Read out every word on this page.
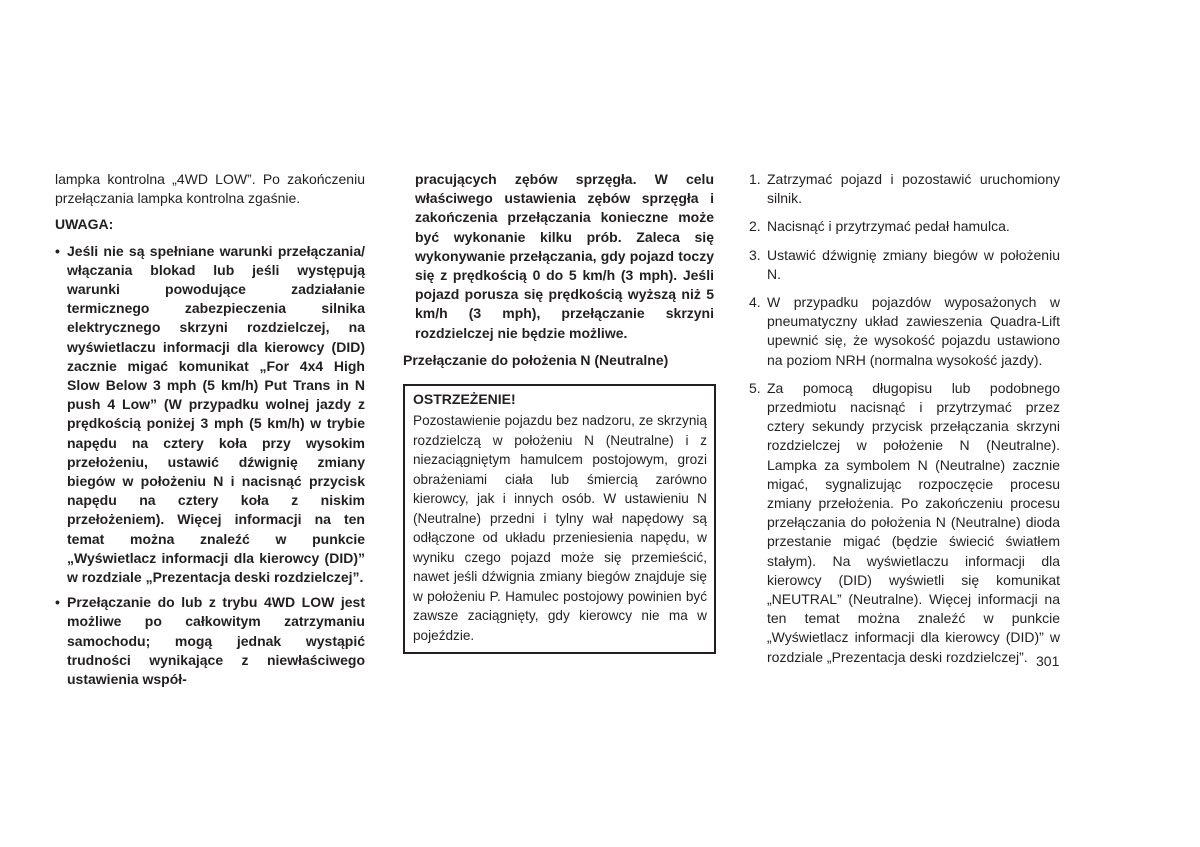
lampka kontrolna „4WD LOW”. Po zakończeniu przełączania lampka kontrolna zgaśnie.

UWAGA:

• Jeśli nie są spełniane warunki przełączania/ włączania blokad lub jeśli występują warunki powodujące zadziałanie termicznego zabezpieczenia silnika elektrycznego skrzyni rozdzielczej, na wyświetlaczu informacji dla kierowcy (DID) zacznie migać komunikat „For 4x4 High Slow Below 3 mph (5 km/h) Put Trans in N push 4 Low” (W przypadku wolnej jazdy z prędkością poniżej 3 mph (5 km/h) w trybie napędu na cztery koła przy wysokim przełożeniu, ustawić dźwignię zmiany biegów w położeniu N i nacisnąć przycisk napędu na cztery koła z niskim przełożeniem). Więcej informacji na ten temat można znaleźć w punkcie „Wyświetlacz informacji dla kierowcy (DID)” w rozdziale „Prezentacja deski rozdzielczej”.
• Przełączanie do lub z trybu 4WD LOW jest możliwe po całkowitym zatrzymaniu samochodu; mogą jednak wystąpić trudności wynikające z niewłaściwego ustawienia współ-

pracujących zębów sprzęgła. W celu właściwego ustawienia zębów sprzęgła i zakończenia przełączania konieczne może być wykonanie kilku prób. Zaleca się wykonywanie przełączania, gdy pojazd toczy się z prędkością 0 do 5 km/h (3 mph). Jeśli pojazd porusza się prędkością wyższą niż 5 km/h (3 mph), przełączanie skrzyni rozdzielczej nie będzie możliwe.

Przełączanie do położenia N (Neutralne)

OSTRZEŻENIE!

Pozostawienie pojazdu bez nadzoru, ze skrzynią rozdzielczą w położeniu N (Neutralne) i z niezaciągniętym hamulcem postojowym, grozi obrażeniami ciała lub śmiercią zarówno kierowcy, jak i innych osób. W ustawieniu N (Neutralne) przedni i tylny wał napędowy są odłączone od układu przeniesienia napędu, w wyniku czego pojazd może się przemieścić, nawet jeśli dźwignia zmiany biegów znajduje się w położeniu P. Hamulec postojowy powinien być zawsze zaciągnięty, gdy kierowcy nie ma w pojeździe.

1. Zatrzymać pojazd i pozostawić uruchomiony silnik.
2. Nacisnąć i przytrzymać pedał hamulca.
3. Ustawić dźwignię zmiany biegów w położeniu N.
4. W przypadku pojazdów wyposażonych w pneumatyczny układ zawieszenia Quadra-Lift upewnić się, że wysokość pojazdu ustawiono na poziom NRH (normalna wysokość jazdy).
5. Za pomocą długopisu lub podobnego przedmiotu nacisnąć i przytrzymać przez cztery sekundy przycisk przełączania skrzyni rozdzielczej w położenie N (Neutralne). Lampka za symbolem N (Neutralne) zacznie migać, sygnalizując rozpoczęcie procesu zmiany przełożenia. Po zakończeniu procesu przełączania do położenia N (Neutralne) dioda przestanie migać (będzie świecić światłem stałym). Na wyświetlaczu informacji dla kierowcy (DID) wyświetli się komunikat „NEUTRAL” (Neutralne). Więcej informacji na ten temat można znaleźć w punkcie „Wyświetlacz informacji dla kierowcy (DID)” w rozdziale „Prezentacja deski rozdzielczej”. 301
